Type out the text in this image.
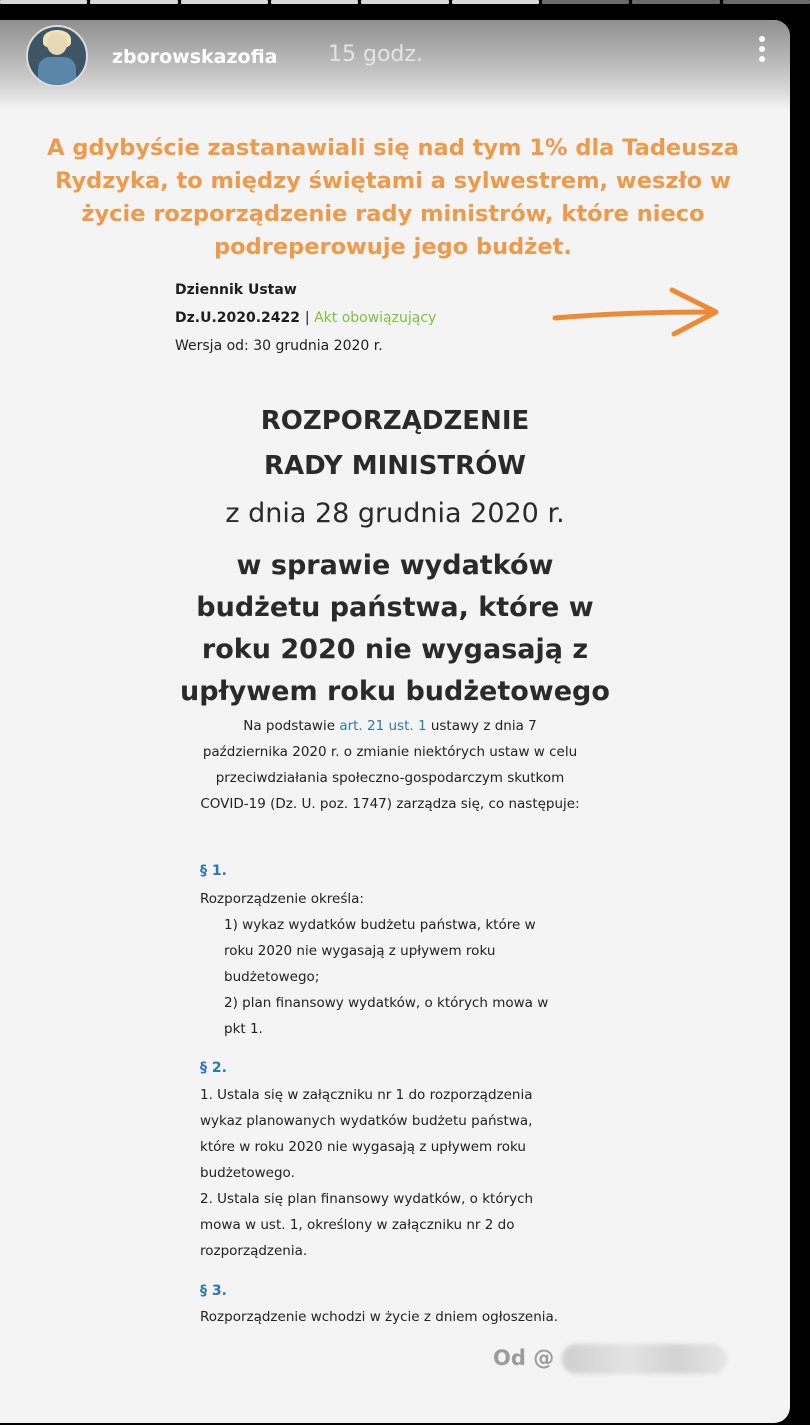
zborowskazofia 15 godz.
A gdybyście zastanawiali się nad tym 1% dla Tadeusza Rydzyka, to między świętami a sylwestrem, weszło w życie rozporządzenie rady ministrów, które nieco podreperowuje jego budżet.
Dziennik Ustaw
Dz.U.2020.2422 | Akt obowiązujący
Wersja od: 30 grudnia 2020 r.
ROZPORZĄDZENIE
RADY MINISTRÓW
z dnia 28 grudnia 2020 r.
w sprawie wydatków budżetu państwa, które w roku 2020 nie wygasają z upływem roku budżetowego
Na podstawie art. 21 ust. 1 ustawy z dnia 7 października 2020 r. o zmianie niektórych ustaw w celu przeciwdziałania społeczno-gospodarczym skutkom COVID-19 (Dz. U. poz. 1747) zarządza się, co następuje:
§ 1.
Rozporządzenie określa:
1) wykaz wydatków budżetu państwa, które w roku 2020 nie wygasają z upływem roku budżetowego;
2) plan finansowy wydatków, o których mowa w pkt 1.
§ 2.
1. Ustala się w załączniku nr 1 do rozporządzenia wykaz planowanych wydatków budżetu państwa, które w roku 2020 nie wygasają z upływem roku budżetowego.
2. Ustala się plan finansowy wydatków, o których mowa w ust. 1, określony w załączniku nr 2 do rozporządzenia.
§ 3.
Rozporządzenie wchodzi w życie z dniem ogłoszenia.
Od @
